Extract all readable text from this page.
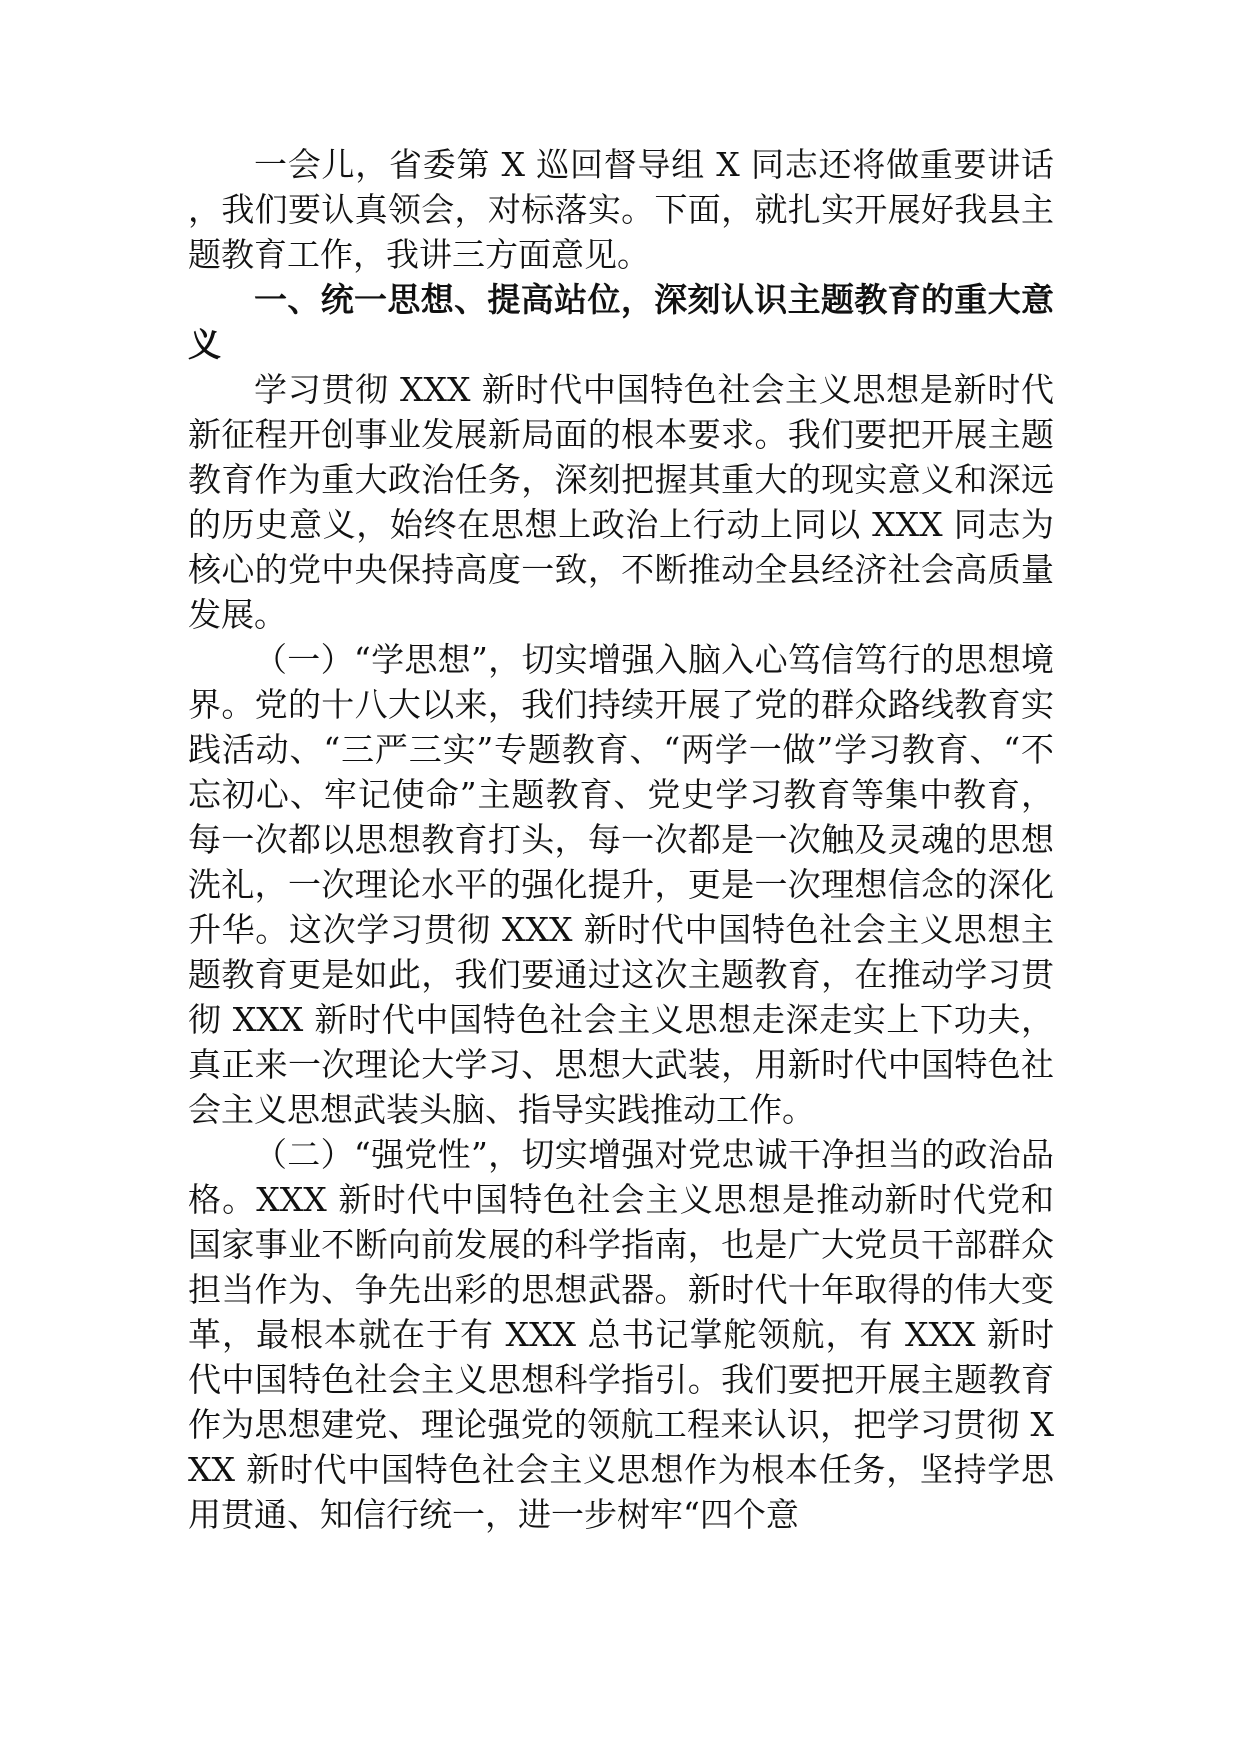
一会儿，省委第 X 巡回督导组 X 同志还将做重要讲话，我们要认真领会，对标落实。下面，就扎实开展好我县主题教育工作，我讲三方面意见。

一、统一思想、提高站位，深刻认识主题教育的重大意义

学习贯彻 XXX 新时代中国特色社会主义思想是新时代新征程开创事业发展新局面的根本要求。我们要把开展主题教育作为重大政治任务，深刻把握其重大的现实意义和深远的历史意义，始终在思想上政治上行动上同以 XXX 同志为核心的党中央保持高度一致，不断推动全县经济社会高质量发展。

（一）“学思想”，切实增强入脑入心笃信笃行的思想境界。党的十八大以来，我们持续开展了党的群众路线教育实践活动、“三严三实”专题教育、“两学一做”学习教育、“不忘初心、牢记使命”主题教育、党史学习教育等集中教育，每一次都以思想教育打头，每一次都是一次触及灵魂的思想洗礼，一次理论水平的强化提升，更是一次理想信念的深化升华。这次学习贯彻 XXX 新时代中国特色社会主义思想主题教育更是如此，我们要通过这次主题教育，在推动学习贯彻 XXX 新时代中国特色社会主义思想走深走实上下功夫，真正来一次理论大学习、思想大武装，用新时代中国特色社会主义思想武装头脑、指导实践推动工作。

（二）“强党性”，切实增强对党忠诚干净担当的政治品格。XXX 新时代中国特色社会主义思想是推动新时代党和国家事业不断向前发展的科学指南，也是广大党员干部群众担当作为、争先出彩的思想武器。新时代十年取得的伟大变革，最根本就在于有 XXX 总书记掌舵领航，有 XXX 新时代中国特色社会主义思想科学指引。我们要把开展主题教育作为思想建党、理论强党的领航工程来认识，把学习贯彻 XXX 新时代中国特色社会主义思想作为根本任务，坚持学思用贯通、知信行统一，进一步树牢“四个意
